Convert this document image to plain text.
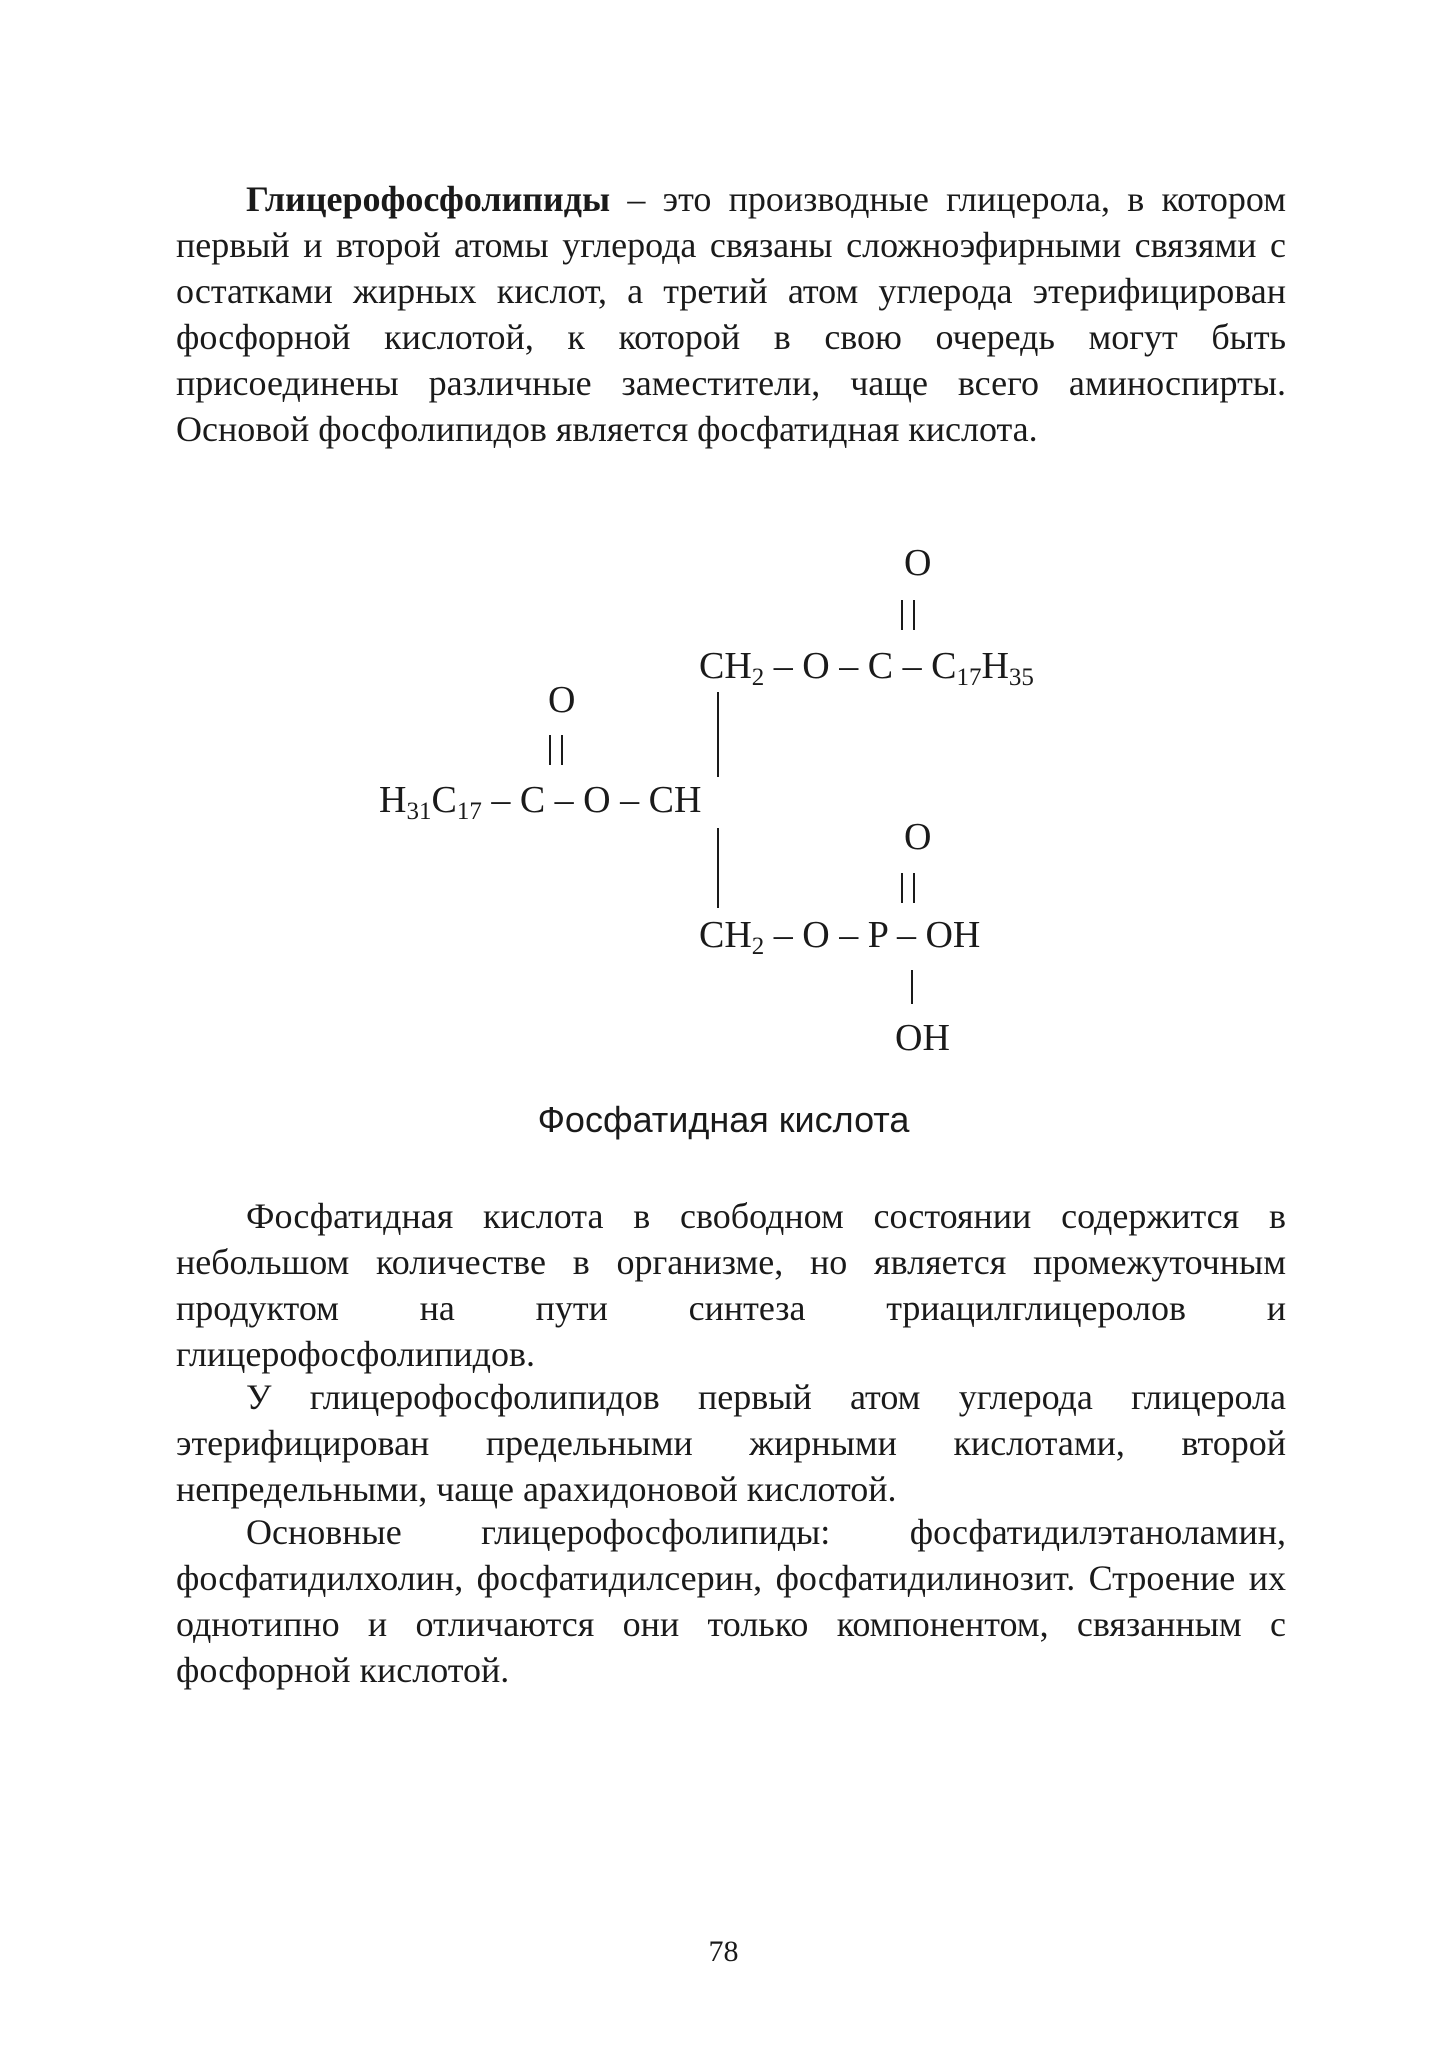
Глицерофосфолипиды – это производные глицерола, в котором первый и второй атомы углерода связаны сложноэфирными связями с остатками жирных кислот, а третий атом углерода этерифицирован фосфорной кислотой, к которой в свою очередь могут быть присоединены различные заместители, чаще всего аминоспирты. Основой фосфолипидов является фосфатидная кислота.

O
$CH_2$ – O – C – $C_{17}H_{35}$
O
$H_{31}C_{17}$ – C – O – CH
O
$CH_2$ – O – P – OH
OH
Фосфатидная кислота

Фосфатидная кислота в свободном состоянии содержится в небольшом количестве в организме, но является промежуточным продуктом на пути синтеза триацилглицеролов и глицерофосфолипидов.

У глицерофосфолипидов первый атом углерода глицерола этерифицирован предельными жирными кислотами, второй непредельными, чаще арахидоновой кислотой.

Основные глицерофосфолипиды: фосфатидилэтаноламин, фосфатидилхолин, фосфатидилсерин, фосфатидилинозит. Строение их однотипно и отличаются они только компонентом, связанным с фосфорной кислотой.

78
